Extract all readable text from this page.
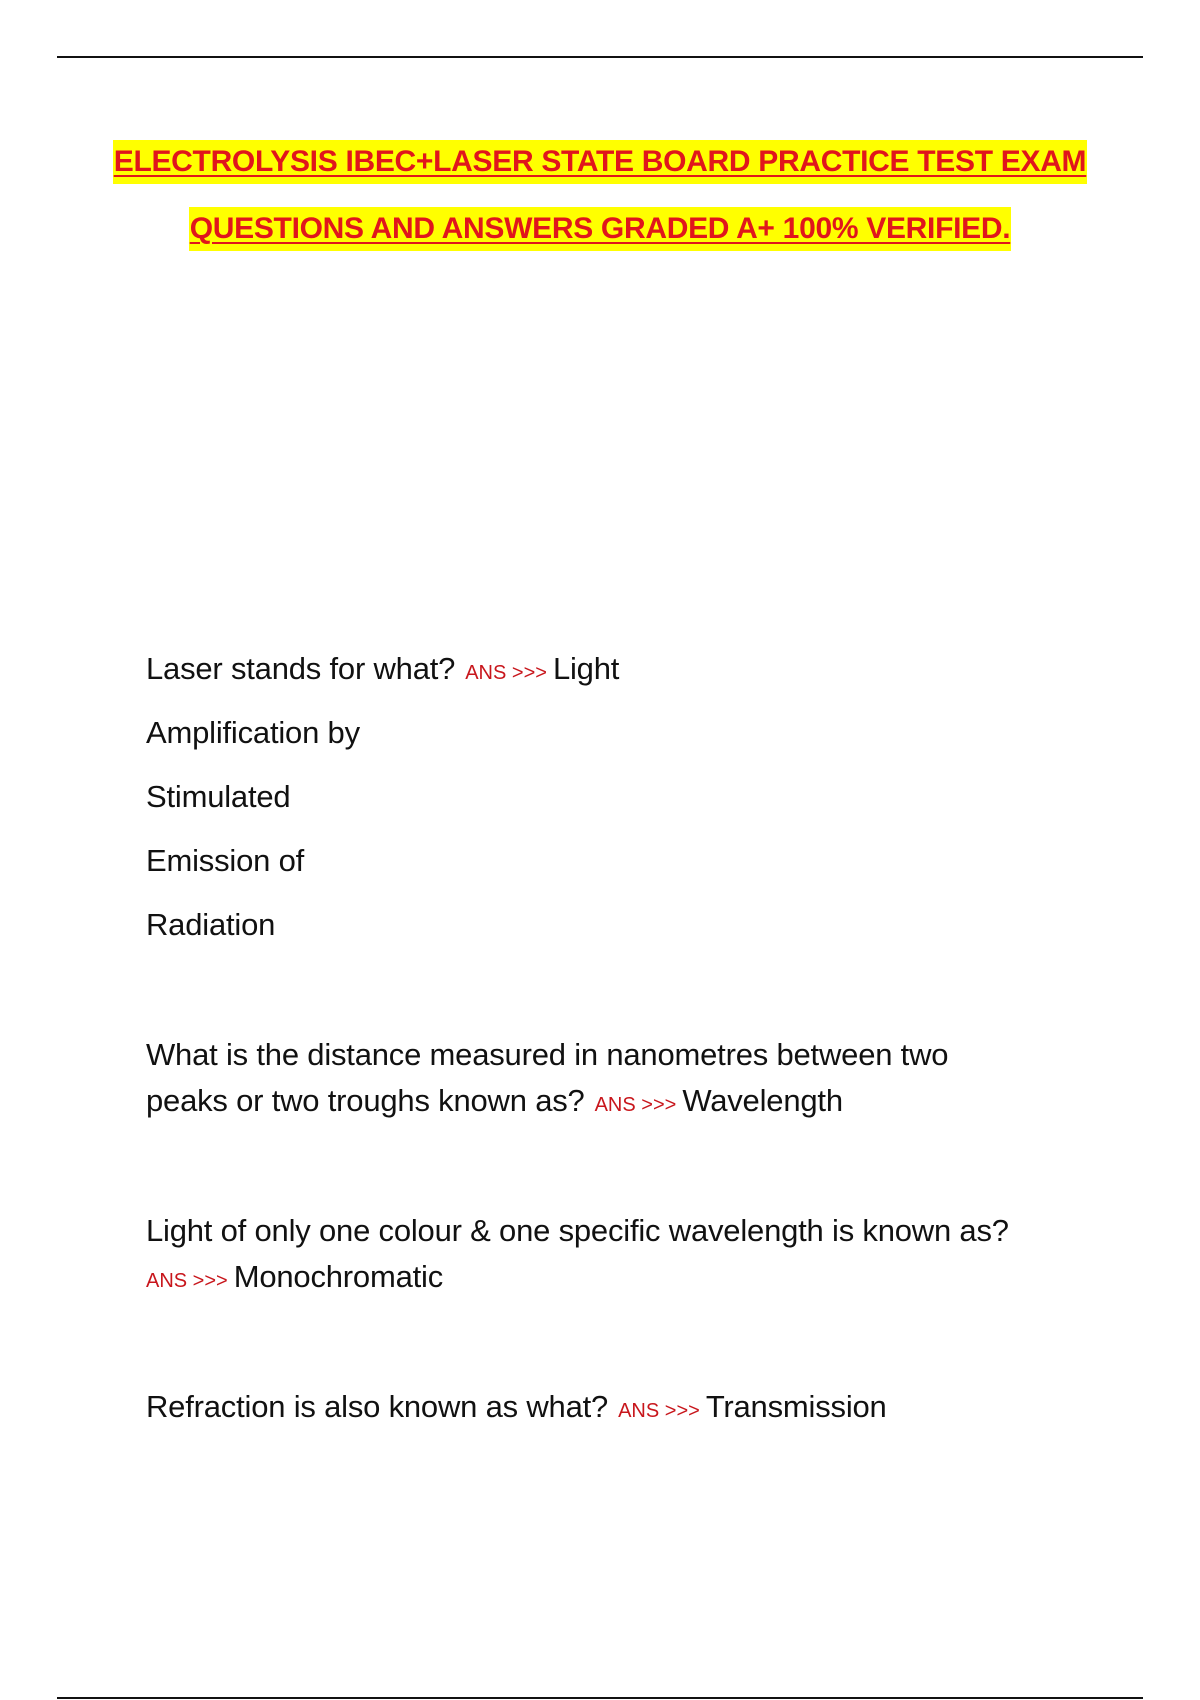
ELECTROLYSIS IBEC+LASER STATE BOARD PRACTICE TEST EXAM
QUESTIONS AND ANSWERS GRADED A+ 100% VERIFIED.
Laser stands for what? ANS >>> Light
Amplification by
Stimulated
Emission of
Radiation
What is the distance measured in nanometres between two
peaks or two troughs known as? ANS >>> Wavelength
Light of only one colour & one specific wavelength is known as?
ANS >>> Monochromatic
Refraction is also known as what? ANS >>> Transmission
